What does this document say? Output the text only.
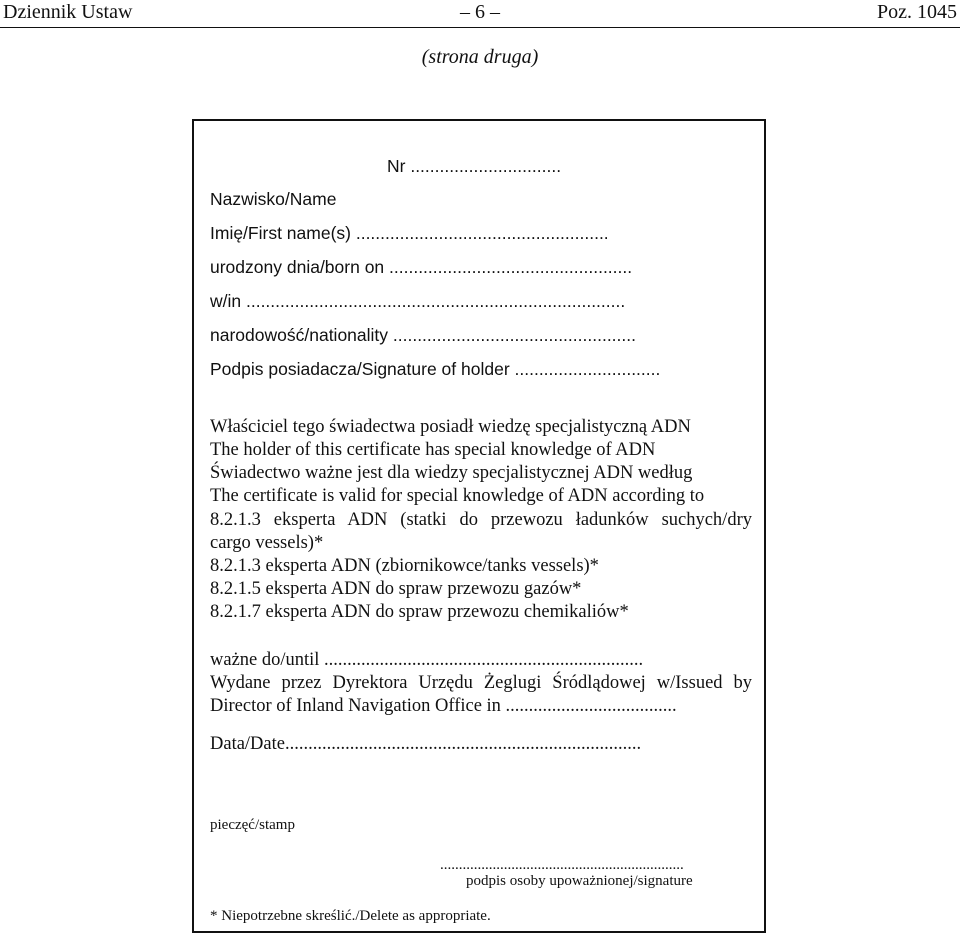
Dziennik Ustaw	– 6 –	Poz. 1045
(strona druga)
Nr ...............................
Nazwisko/Name
Imię/First name(s) ....................................................
urodzony dnia/born on ..................................................
w/in ..............................................................................
narodowość/nationality ..................................................
Podpis posiadacza/Signature of holder ..............................
Właściciel tego świadectwa posiadł wiedzę specjalistyczną ADN
The holder of this certificate has special knowledge of ADN
Świadectwo ważne jest dla wiedzy specjalistycznej ADN według
The certificate is valid for special knowledge of ADN according to
8.2.1.3 eksperta ADN (statki do przewozu ładunków suchych/dry
cargo vessels)*
8.2.1.3 eksperta ADN (zbiornikowce/tanks vessels)*
8.2.1.5 eksperta ADN do spraw przewozu gazów*
8.2.1.7 eksperta ADN do spraw przewozu chemikaliów*
ważne do/until .....................................................................
Wydane przez Dyrektora Urzędu Żeglugi Śródlądowej w/Issued by
Director of Inland Navigation Office in .....................................
Data/Date.............................................................................
pieczęć/stamp
.................................................................
podpis osoby upoważnionej/signature
* Niepotrzebne skreślić./Delete as appropriate.
